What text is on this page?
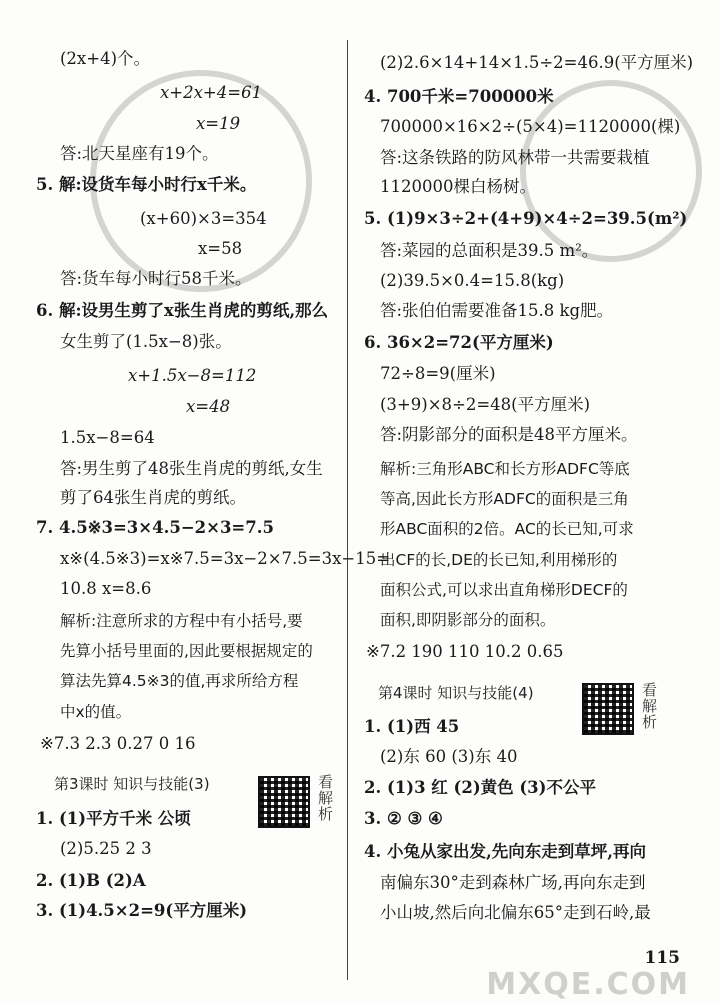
(2x+4)个。
x+2x+4=61
x=19
答:北天星座有19个。
5. 解:设货车每小时行x千米。
(x+60)×3=354
x=58
答:货车每小时行58千米。
6. 解:设男生剪了x张生肖虎的剪纸,那么
女生剪了(1.5x−8)张。
x+1.5x−8=112
x=48
1.5x−8=64
答:男生剪了48张生肖虎的剪纸,女生
剪了64张生肖虎的剪纸。
7. 4.5※3=3×4.5−2×3=7.5
x※(4.5※3)=x※7.5=3x−2×7.5=3x−15=
10.8 x=8.6
解析:注意所求的方程中有小括号,要
先算小括号里面的,因此要根据规定的
算法先算4.5※3的值,再求所给方程
中x的值。
※7.3 2.3 0.27 0 16
第3课时 知识与技能(3)	看解析
1. (1)平方千米 公顷
(2)5.25 2 3
2. (1)B (2)A
3. (1)4.5×2=9(平方厘米)
(2)2.6×14+14×1.5÷2=46.9(平方厘米)
4. 700千米=700000米
700000×16×2÷(5×4)=1120000(棵)
答:这条铁路的防风林带一共需要栽植
1120000棵白杨树。
5. (1)9×3÷2+(4+9)×4÷2=39.5(m²)
答:菜园的总面积是39.5 m²。
(2)39.5×0.4=15.8(kg)
答:张伯伯需要准备15.8 kg肥。
6. 36×2=72(平方厘米)
72÷8=9(厘米)
(3+9)×8÷2=48(平方厘米)
答:阴影部分的面积是48平方厘米。
解析:三角形ABC和长方形ADFC等底
等高,因此长方形ADFC的面积是三角
形ABC面积的2倍。AC的长已知,可求
出CF的长,DE的长已知,利用梯形的
面积公式,可以求出直角梯形DECF的
面积,即阴影部分的面积。
※7.2 190 110 10.2 0.65
第4课时 知识与技能(4)	看解析
1. (1)西 45
(2)东 60 (3)东 40
2. (1)3 红 (2)黄色 (3)不公平
3. ② ③ ④
4. 小兔从家出发,先向东走到草坪,再向
南偏东30°走到森林广场,再向东走到
小山坡,然后向北偏东65°走到石岭,最
115
MXQE.COM
